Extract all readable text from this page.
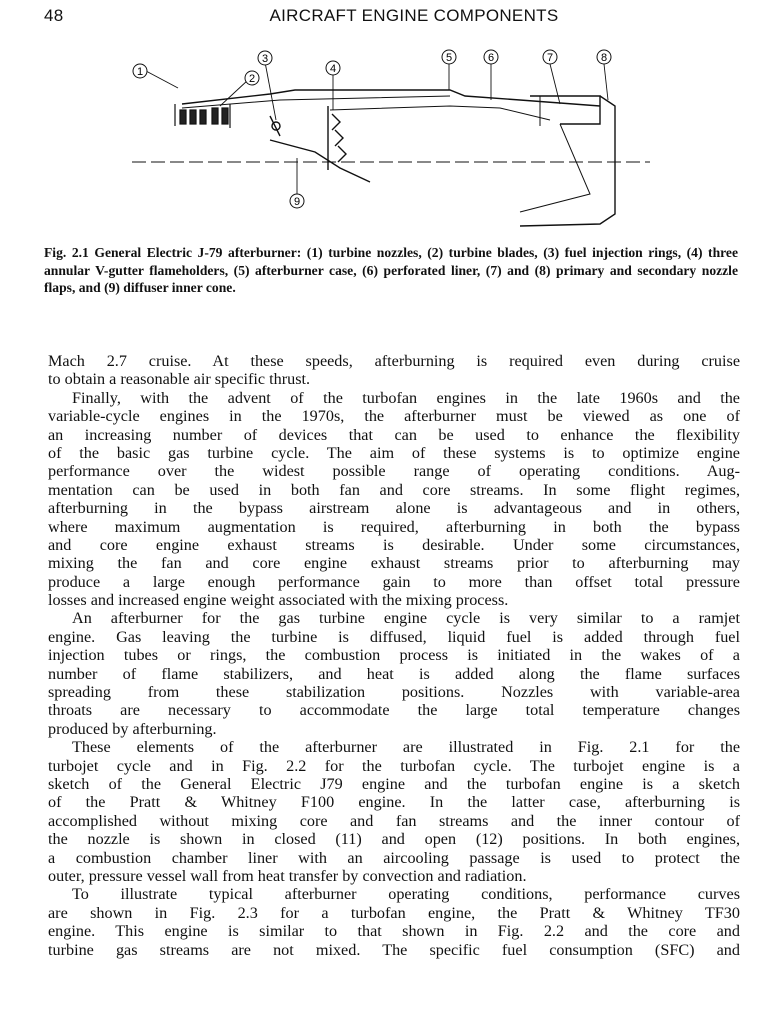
48	AIRCRAFT ENGINE COMPONENTS
1
2
3
4
5	6	7	8
9
Fig. 2.1 General Electric J-79 afterburner: (1) turbine nozzles, (2) turbine blades, (3) fuel injection rings, (4) three annular V-gutter flameholders, (5) afterburner case, (6) perforated liner, (7) and (8) primary and secondary nozzle flaps, and (9) diffuser inner cone.
Mach 2.7 cruise. At these speeds, afterburning is required even during cruise
to obtain a reasonable air specific thrust.
Finally, with the advent of the turbofan engines in the late 1960s and the
variable-cycle engines in the 1970s, the afterburner must be viewed as one of
an increasing number of devices that can be used to enhance the flexibility
of the basic gas turbine cycle. The aim of these systems is to optimize engine
performance over the widest possible range of operating conditions. Aug-
mentation can be used in both fan and core streams. In some flight regimes,
afterburning in the bypass airstream alone is advantageous and in others,
where maximum augmentation is required, afterburning in both the bypass
and core engine exhaust streams is desirable. Under some circumstances,
mixing the fan and core engine exhaust streams prior to afterburning may
produce a large enough performance gain to more than offset total pressure
losses and increased engine weight associated with the mixing process.
An afterburner for the gas turbine engine cycle is very similar to a ramjet
engine. Gas leaving the turbine is diffused, liquid fuel is added through fuel
injection tubes or rings, the combustion process is initiated in the wakes of a
number of flame stabilizers, and heat is added along the flame surfaces
spreading from these stabilization positions. Nozzles with variable-area
throats are necessary to accommodate the large total temperature changes
produced by afterburning.
These elements of the afterburner are illustrated in Fig. 2.1 for the
turbojet cycle and in Fig. 2.2 for the turbofan cycle. The turbojet engine is a
sketch of the General Electric J79 engine and the turbofan engine is a sketch
of the Pratt & Whitney F100 engine. In the latter case, afterburning is
accomplished without mixing core and fan streams and the inner contour of
the nozzle is shown in closed (11) and open (12) positions. In both engines,
a combustion chamber liner with an aircooling passage is used to protect the
outer, pressure vessel wall from heat transfer by convection and radiation.
To illustrate typical afterburner operating conditions, performance curves
are shown in Fig. 2.3 for a turbofan engine, the Pratt & Whitney TF30
engine. This engine is similar to that shown in Fig. 2.2 and the core and
turbine gas streams are not mixed. The specific fuel consumption (SFC) and
